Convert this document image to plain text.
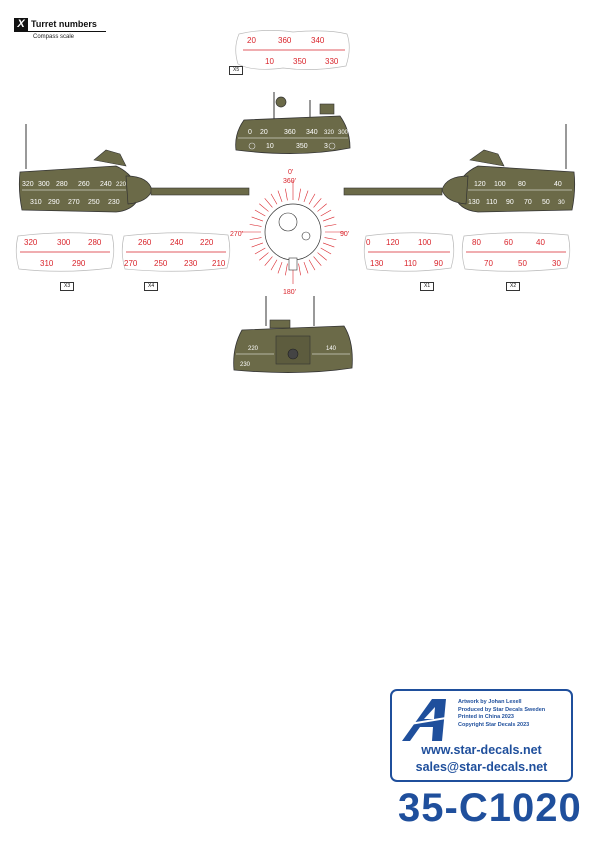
X Turret numbers
Compass scale	20	360 340
10 350 330
X5
0 20 360 340 320 300
10	350 3
320 300 280 260 240 220
310 290 270 250 230
120 100 80	40
130 110 90 70 50 30
0'
360'
90'
180'
270'
320 300 280
310 290
X3
260 240 220
270 250 230 210
X4
0 120 100
130	110 90
X1
80	60	40
70	50	30
X2
220	140
230
Artwork by Johan Lexell
Produced by Star Decals Sweden
Printed in China 2023
Copyright Star Decals 2023
www.star-decals.net
sales@star-decals.net
35-C1020
